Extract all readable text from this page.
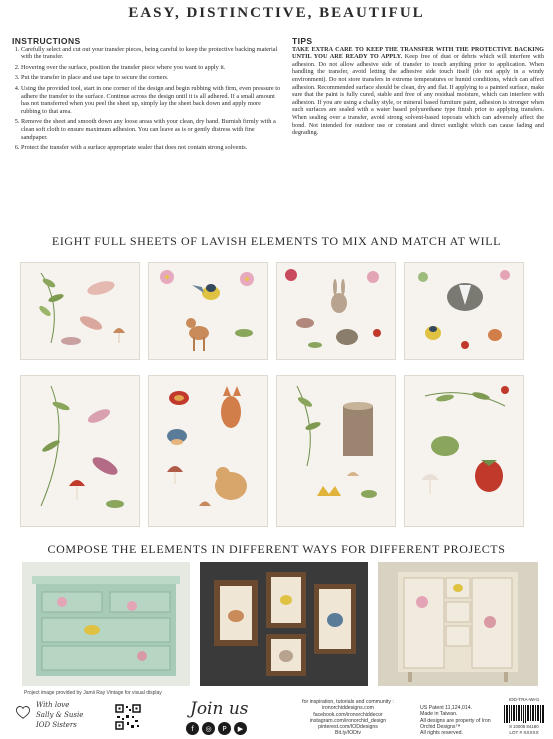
EASY, DISTINCTIVE, BEAUTIFUL
INSTRUCTIONS
1. Carefully select and cut out your transfer pieces, being careful to keep the protective backing material with the transfer.
2. Hovering over the surface, position the transfer piece where you want to apply it.
3. Put the transfer in place and use tape to secure the corners.
4. Using the provided tool, start in one corner of the design and begin rubbing with firm, even pressure to adhere the transfer to the surface. Continue across the design until it is all adhered. If a small amount has not transferred when you peel the sheet up, simply lay the sheet back down and apply more rubbing to that area.
5. Remove the sheet and smooth down any loose areas with your clean, dry hand. Burnish firmly with a clean soft cloth to ensure maximum adhesion. You can leave as is or gently distress with fine sandpaper.
6. Protect the transfer with a surface appropriate sealer that does not contain strong solvents.
TIPS
TAKE EXTRA CARE TO KEEP THE TRANSFER WITH THE PROTECTIVE BACKING UNTIL YOU ARE READY TO APPLY. Keep free of dust or debris which will interfere with adhesion. Do not allow adhesive side of transfer to touch anything prior to application. When handling the transfer, avoid letting the adhesive side touch itself (do not apply in a windy environment). Do not store transfers in extreme temperatures or humid conditions, which can affect adhesion. Recommended surface should be clean, dry and flat. If applying to a painted surface, make sure that the paint is fully cured, stable and free of any residual moisture, which can interfere with adhesion. If you are using a chalky style, or mineral based furniture paint, adhesion is stronger when such surfaces are sealed with a water based polyurethane type finish prior to applying transfers. When sealing over a transfer, avoid strong solvent-based topcoats which can adversely affect the bond. Not intended for outdoor use or constant and direct sunlight which can cause fading and degrading.
EIGHT FULL SHEETS OF LAVISH ELEMENTS TO MIX AND MATCH AT WILL
COMPOSE THE ELEMENTS IN DIFFERENT WAYS FOR DIFFERENT PROJECTS
Project image provided by Jamii Ray Vintage for visual display
With love
Sally & Susie
IOD Sisters
Join us
f	◎	P	▶
for inspiration, tutorials and community :
ironorchiddesigns.com
facebook.com/ironorchiddecor
instagram.com/ironorchid_design
pinterest.com/IODdesigns
Bit.ly/IODtv
US Patent 11,124,014.
Made in Taiwan.
All designs are property of Iron Orchid Designs™
All rights reserved.
IOD-TRA-WH1
8 10005 84180
LOT # XXXXX
